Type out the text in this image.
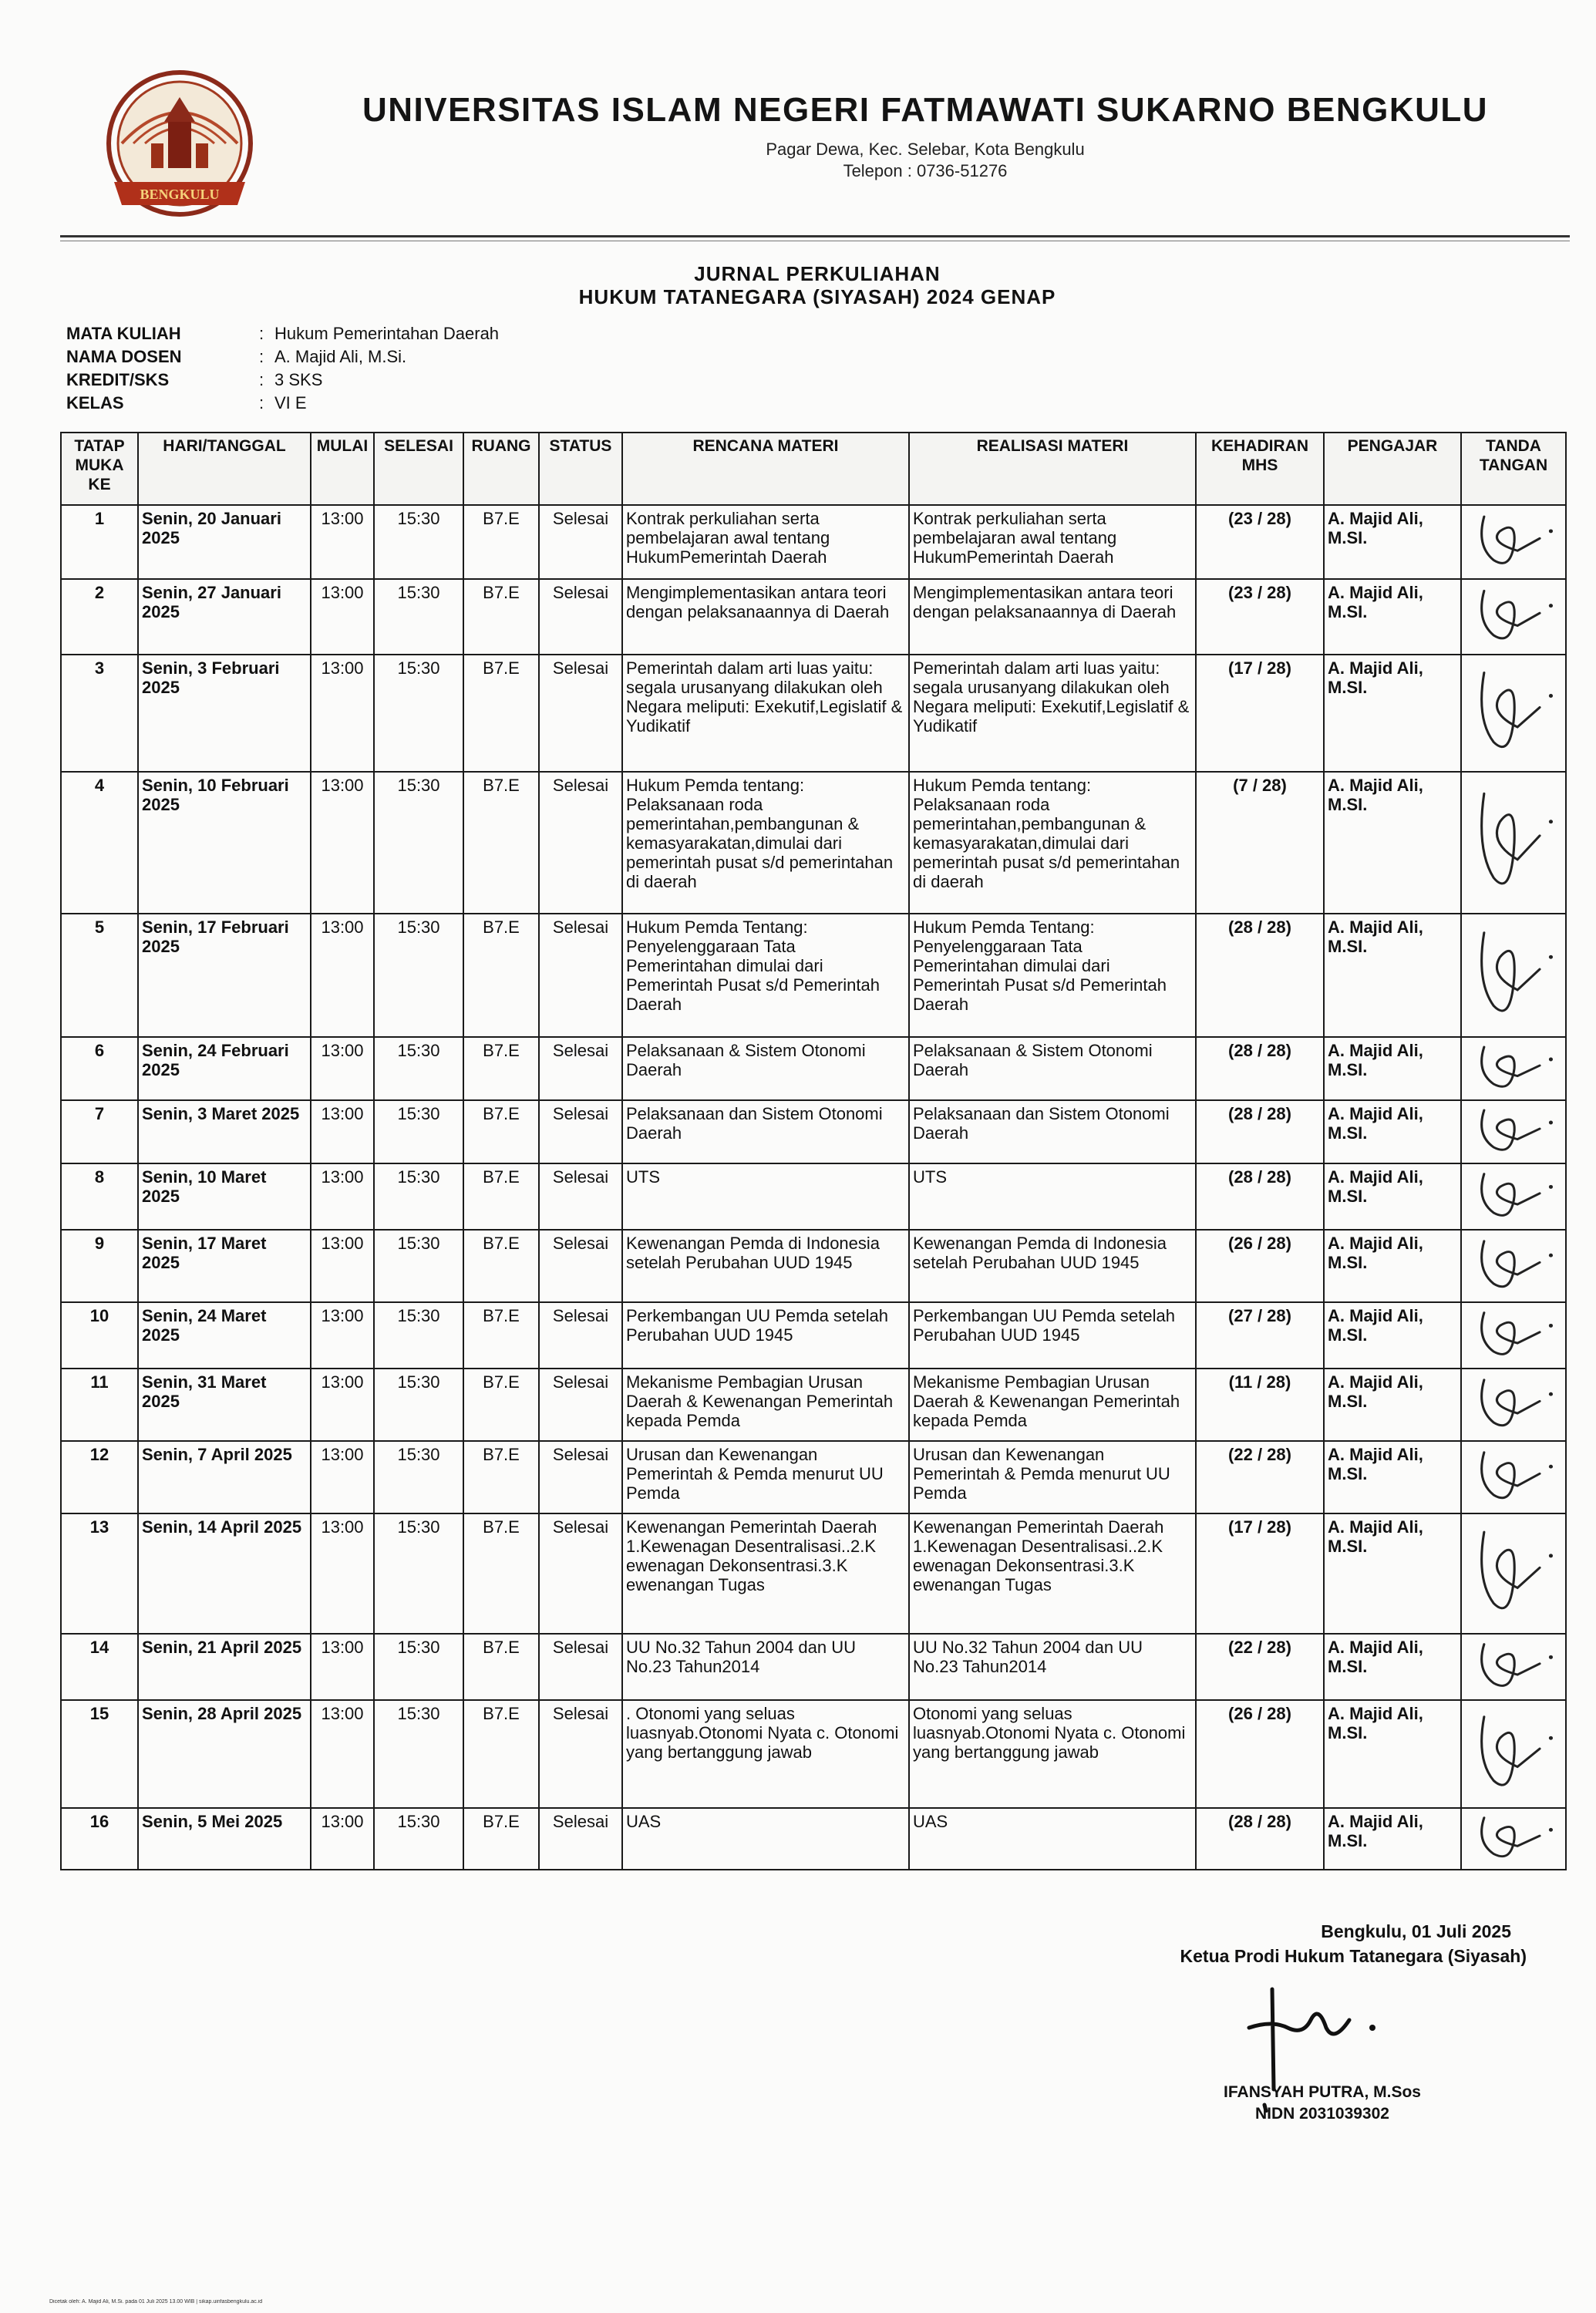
BENGKULU
UNIVERSITAS ISLAM NEGERI FATMAWATI SUKARNO BENGKULU
Pagar Dewa, Kec. Selebar, Kota Bengkulu
Telepon : 0736-51276
JURNAL PERKULIAHAN
HUKUM TATANEGARA (SIYASAH) 2024 GENAP
MATA KULIAH	: Hukum Pemerintahan Daerah
NAMA DOSEN	: A. Majid Ali, M.Si.
KREDIT/SKS	: 3 SKS
KELAS	: VI E
TATAP MUKA KE	HARI/TANGGAL	MULAI	SELESAI	RUANG	STATUS	RENCANA MATERI	REALISASI MATERI	KEHADIRAN MHS	PENGAJAR	TANDA TANGAN
1	Senin, 20 Januari 2025	13:00	15:30	B7.E	Selesai	Kontrak perkuliahan serta pembelajaran awal tentang HukumPemerintah Daerah	Kontrak perkuliahan serta pembelajaran awal tentang HukumPemerintah Daerah	(23 / 28)	A. Majid Ali, M.SI.	

2	Senin, 27 Januari 2025	13:00	15:30	B7.E	Selesai	Mengimplementasikan antara teori dengan pelaksanaannya di Daerah	Mengimplementasikan antara teori dengan pelaksanaannya di Daerah	(23 / 28)	A. Majid Ali, M.SI.	

3	Senin, 3 Februari 2025	13:00	15:30	B7.E	Selesai	Pemerintah dalam arti luas yaitu: segala urusanyang dilakukan oleh Negara meliputi: Exekutif,Legislatif & Yudikatif	Pemerintah dalam arti luas yaitu: segala urusanyang dilakukan oleh Negara meliputi: Exekutif,Legislatif & Yudikatif	(17 / 28)	A. Majid Ali, M.SI.	

4	Senin, 10 Februari 2025	13:00	15:30	B7.E	Selesai	Hukum Pemda tentang: Pelaksanaan roda pemerintahan,pembangunan & kemasyarakatan,dimulai dari pemerintah pusat s/d pemerintahan di daerah	Hukum Pemda tentang: Pelaksanaan roda pemerintahan,pembangunan & kemasyarakatan,dimulai dari pemerintah pusat s/d pemerintahan di daerah	(7 / 28)	A. Majid Ali, M.SI.	

5	Senin, 17 Februari 2025	13:00	15:30	B7.E	Selesai	Hukum Pemda Tentang: Penyelenggaraan Tata Pemerintahan dimulai dari Pemerintah Pusat s/d Pemerintah Daerah	Hukum Pemda Tentang: Penyelenggaraan Tata Pemerintahan dimulai dari Pemerintah Pusat s/d Pemerintah Daerah	(28 / 28)	A. Majid Ali, M.SI.	

6	Senin, 24 Februari 2025	13:00	15:30	B7.E	Selesai	Pelaksanaan & Sistem Otonomi Daerah	Pelaksanaan & Sistem Otonomi Daerah	(28 / 28)	A. Majid Ali, M.SI.	

7	Senin, 3 Maret 2025	13:00	15:30	B7.E	Selesai	Pelaksanaan dan Sistem Otonomi Daerah	Pelaksanaan dan Sistem Otonomi Daerah	(28 / 28)	A. Majid Ali, M.SI.	

8	Senin, 10 Maret 2025	13:00	15:30	B7.E	Selesai	UTS	UTS	(28 / 28)	A. Majid Ali, M.SI.	

9	Senin, 17 Maret 2025	13:00	15:30	B7.E	Selesai	Kewenangan Pemda di Indonesia setelah Perubahan UUD 1945	Kewenangan Pemda di Indonesia setelah Perubahan UUD 1945	(26 / 28)	A. Majid Ali, M.SI.	

10	Senin, 24 Maret 2025	13:00	15:30	B7.E	Selesai	Perkembangan UU Pemda setelah Perubahan UUD 1945	Perkembangan UU Pemda setelah Perubahan UUD 1945	(27 / 28)	A. Majid Ali, M.SI.	

11	Senin, 31 Maret 2025	13:00	15:30	B7.E	Selesai	Mekanisme Pembagian Urusan Daerah & Kewenangan Pemerintah kepada Pemda	Mekanisme Pembagian Urusan Daerah & Kewenangan Pemerintah kepada Pemda	(11 / 28)	A. Majid Ali, M.SI.	

12	Senin, 7 April 2025	13:00	15:30	B7.E	Selesai	Urusan dan Kewenangan Pemerintah & Pemda menurut UU Pemda	Urusan dan Kewenangan Pemerintah & Pemda menurut UU Pemda	(22 / 28)	A. Majid Ali, M.SI.	

13	Senin, 14 April 2025	13:00	15:30	B7.E	Selesai	Kewenangan Pemerintah Daerah 1.Kewenagan Desentralisasi..2.K ewenagan Dekonsentrasi.3.K ewenangan Tugas	Kewenangan Pemerintah Daerah 1.Kewenagan Desentralisasi..2.K ewenagan Dekonsentrasi.3.K ewenangan Tugas	(17 / 28)	A. Majid Ali, M.SI.	

14	Senin, 21 April 2025	13:00	15:30	B7.E	Selesai	UU No.32 Tahun 2004 dan UU No.23 Tahun2014	UU No.32 Tahun 2004 dan UU No.23 Tahun2014	(22 / 28)	A. Majid Ali, M.SI.	

15	Senin, 28 April 2025	13:00	15:30	B7.E	Selesai	. Otonomi yang seluas luasnyab.Otonomi Nyata c. Otonomi yang bertanggung jawab	Otonomi yang seluas luasnyab.Otonomi Nyata c. Otonomi yang bertanggung jawab	(26 / 28)	A. Majid Ali, M.SI.	

16	Senin, 5 Mei 2025	13:00	15:30	B7.E	Selesai	UAS	UAS	(28 / 28)	A. Majid Ali, M.SI.	
Bengkulu, 01 Juli 2025
Ketua Prodi Hukum Tatanegara (Siyasah)
IFANSYAH PUTRA, M.Sos
NIDN 2031039302
Dicetak oleh: A. Majid Ali, M.Si. pada 01 Juli 2025 13.00 WIB | sikap.uinfasbengkulu.ac.id
